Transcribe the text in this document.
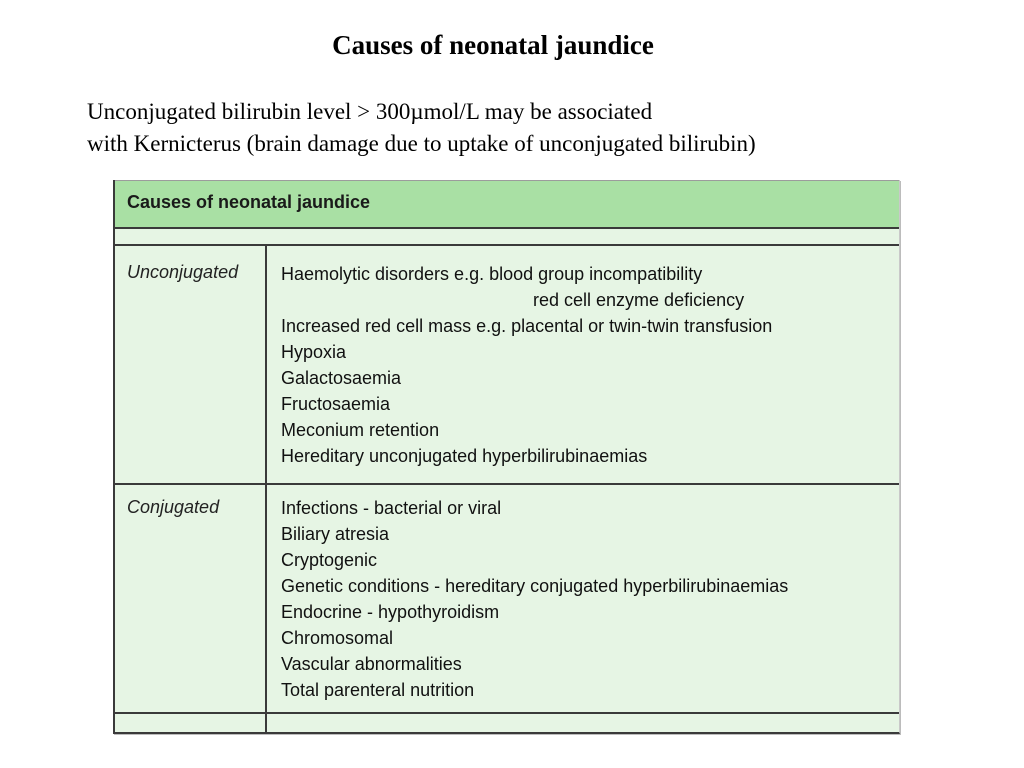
Causes of neonatal jaundice
Unconjugated bilirubin level > 300µmol/L may be associated
with Kernicterus (brain damage due to uptake of unconjugated bilirubin)
Causes of neonatal jaundice
Unconjugated Haemolytic disorders e.g. blood group incompatibility
red cell enzyme deficiency
Increased red cell mass e.g. placental or twin-twin transfusion
Hypoxia
Galactosaemia
Fructosaemia
Meconium retention
Hereditary unconjugated hyperbilirubinaemias
Conjugated	Infections - bacterial or viral
Biliary atresia
Cryptogenic
Genetic conditions - hereditary conjugated hyperbilirubinaemias
Endocrine - hypothyroidism
Chromosomal
Vascular abnormalities
Total parenteral nutrition
